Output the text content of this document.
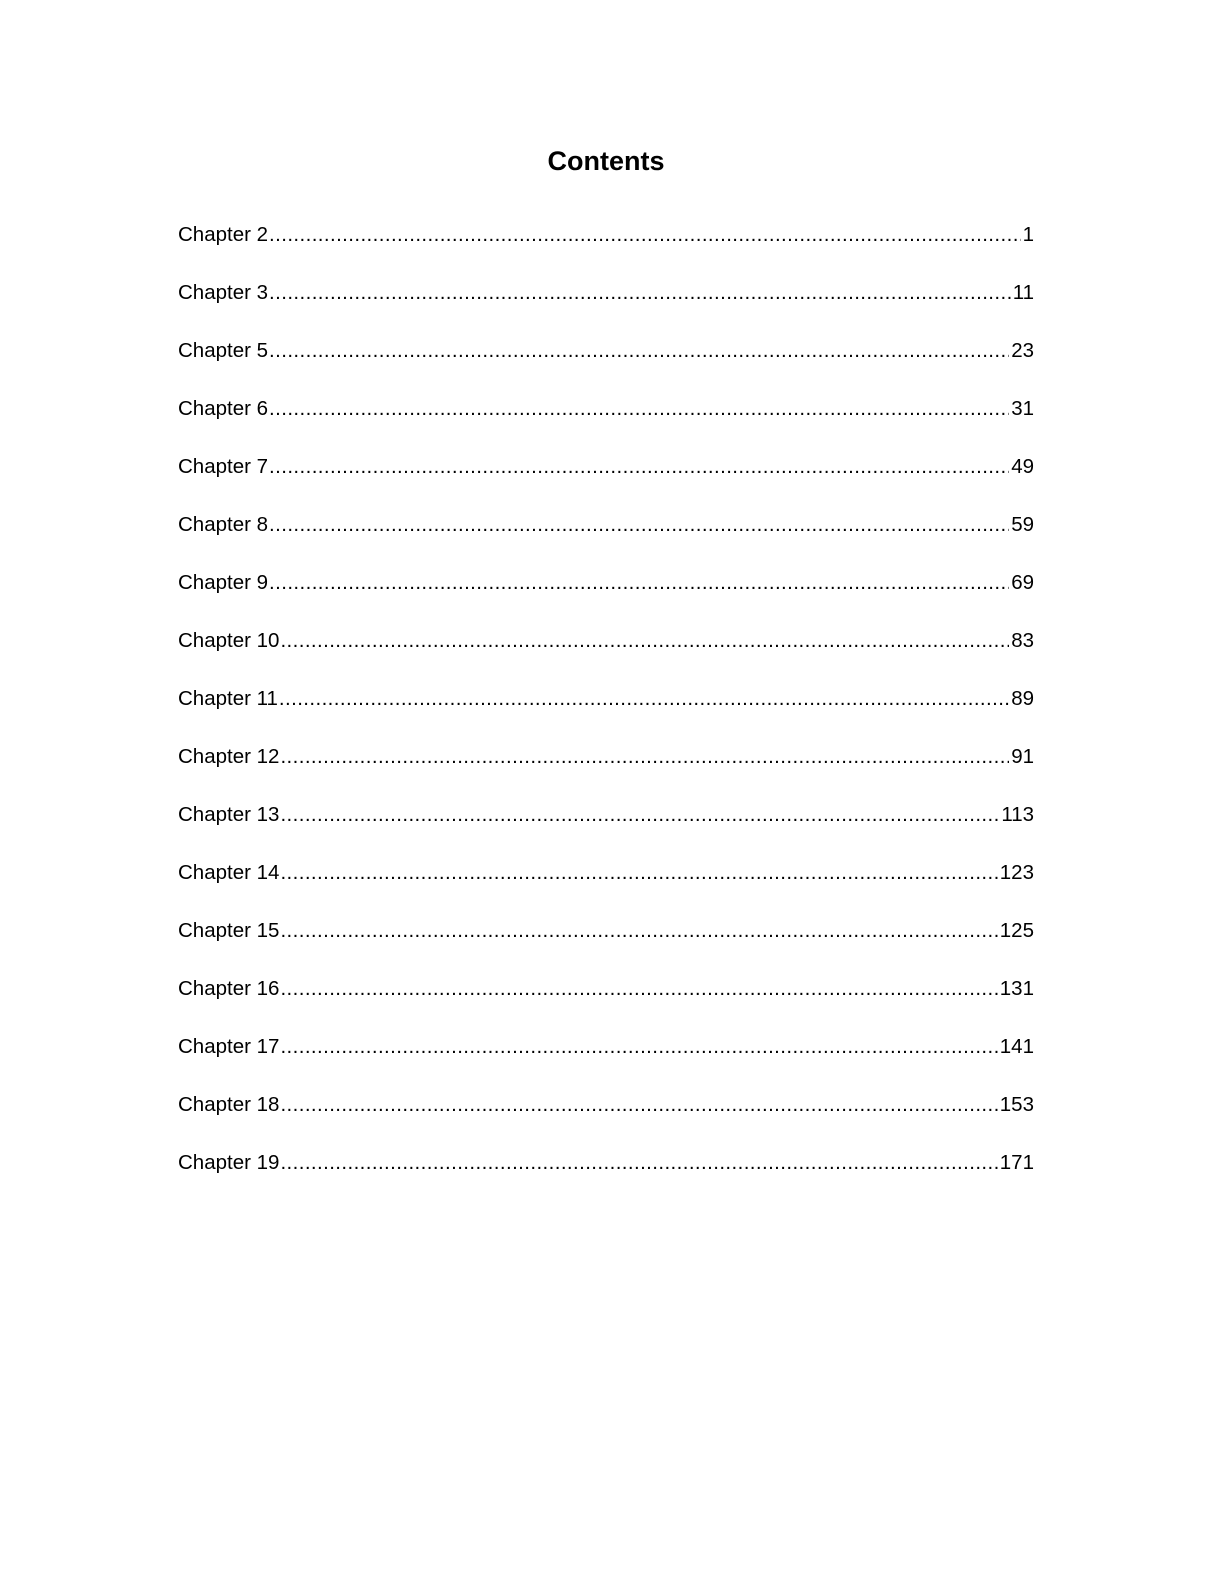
Contents
Chapter 2 .....	1
Chapter 3 .....	11
Chapter 5 .....	23
Chapter 6 .....	31
Chapter 7 .....	49
Chapter 8 .....	59
Chapter 9 .....	69
Chapter 10 .....	83
Chapter 11 .....	89
Chapter 12 .....	91
Chapter 13 .....	113
Chapter 14 .....	123
Chapter 15 .....	125
Chapter 16 .....	131
Chapter 17 .....	141
Chapter 18 .....	153
Chapter 19 .....	171
